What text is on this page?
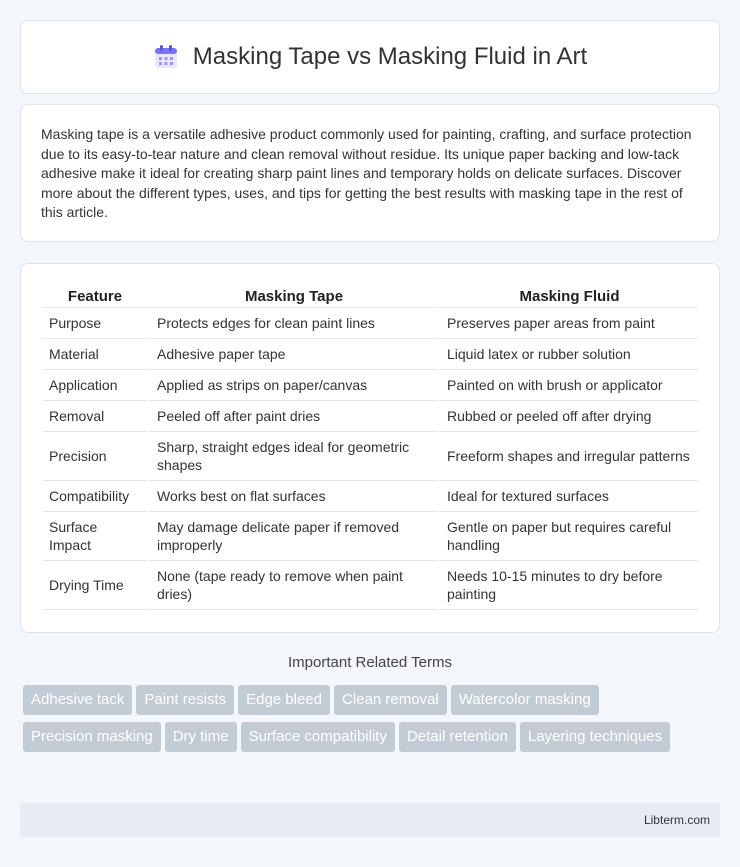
Masking Tape vs Masking Fluid in Art

Masking tape is a versatile adhesive product commonly used for painting, crafting, and surface protection due to its easy-to-tear nature and clean removal without residue. Its unique paper backing and low-tack adhesive make it ideal for creating sharp paint lines and temporary holds on delicate surfaces. Discover more about the different types, uses, and tips for getting the best results with masking tape in the rest of this article.

Feature	Masking Tape	Masking Fluid
Purpose	Protects edges for clean paint lines	Preserves paper areas from paint
Material	Adhesive paper tape	Liquid latex or rubber solution
Application	Applied as strips on paper/canvas	Painted on with brush or applicator
Removal	Peeled off after paint dries	Rubbed or peeled off after drying
Precision	Sharp, straight edges ideal for geometric shapes	Freeform shapes and irregular patterns
Compatibility	Works best on flat surfaces	Ideal for textured surfaces
Surface Impact	May damage delicate paper if removed improperly	Gentle on paper but requires careful handling
Drying Time	None (tape ready to remove when paint dries)	Needs 10-15 minutes to dry before painting
Important Related Terms
Adhesive tack Paint resists Edge bleed Clean removal Watercolor maskingPrecision masking Dry time Surface compatibility Detail retention Layering techniques
Libterm.com
